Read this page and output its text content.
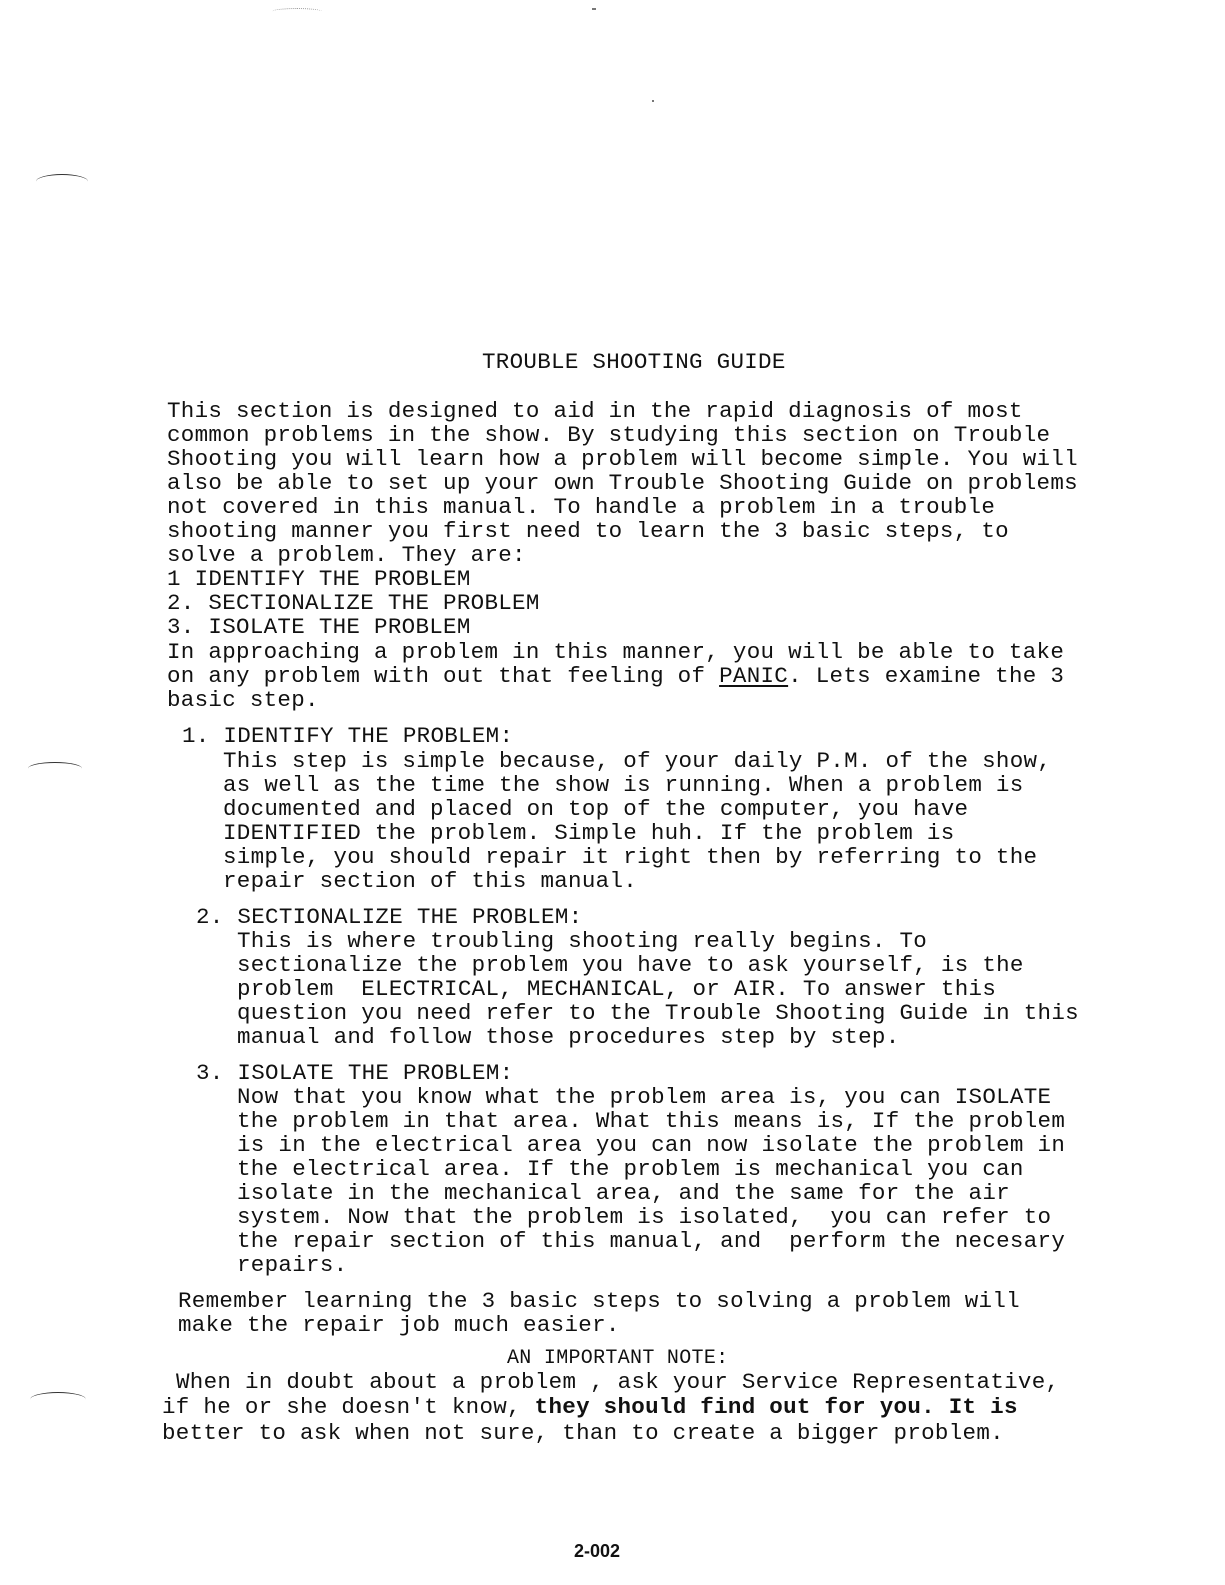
TROUBLE SHOOTING GUIDE
This section is designed to aid in the rapid diagnosis of most
common problems in the show. By studying this section on Trouble
Shooting you will learn how a problem will become simple. You will
also be able to set up your own Trouble Shooting Guide on problems
not covered in this manual. To handle a problem in a trouble
shooting manner you first need to learn the 3 basic steps, to
solve a problem. They are:
1 IDENTIFY THE PROBLEM
2. SECTIONALIZE THE PROBLEM
3. ISOLATE THE PROBLEM
In approaching a problem in this manner, you will be able to take
on any problem with out that feeling of PANIC. Lets examine the 3
basic step.
1. IDENTIFY THE PROBLEM:
This step is simple because, of your daily P.M. of the show,
as well as the time the show is running. When a problem is
documented and placed on top of the computer, you have
IDENTIFIED the problem. Simple huh. If the problem is
simple, you should repair it right then by referring to the
repair section of this manual.
2. SECTIONALIZE THE PROBLEM:
This is where troubling shooting really begins. To
sectionalize the problem you have to ask yourself, is the
problem  ELECTRICAL, MECHANICAL, or AIR. To answer this
question you need refer to the Trouble Shooting Guide in this
manual and follow those procedures step by step.
3. ISOLATE THE PROBLEM:
Now that you know what the problem area is, you can ISOLATE
the problem in that area. What this means is, If the problem
is in the electrical area you can now isolate the problem in
the electrical area. If the problem is mechanical you can
isolate in the mechanical area, and the same for the air
system. Now that the problem is isolated,  you can refer to
the repair section of this manual, and  perform the necesary
repairs.
Remember learning the 3 basic steps to solving a problem will
make the repair job much easier.
AN IMPORTANT NOTE:
When in doubt about a problem , ask your Service Representative,
if he or she doesn't know, they should find out for you. It is
better to ask when not sure, than to create a bigger problem.
2-002
